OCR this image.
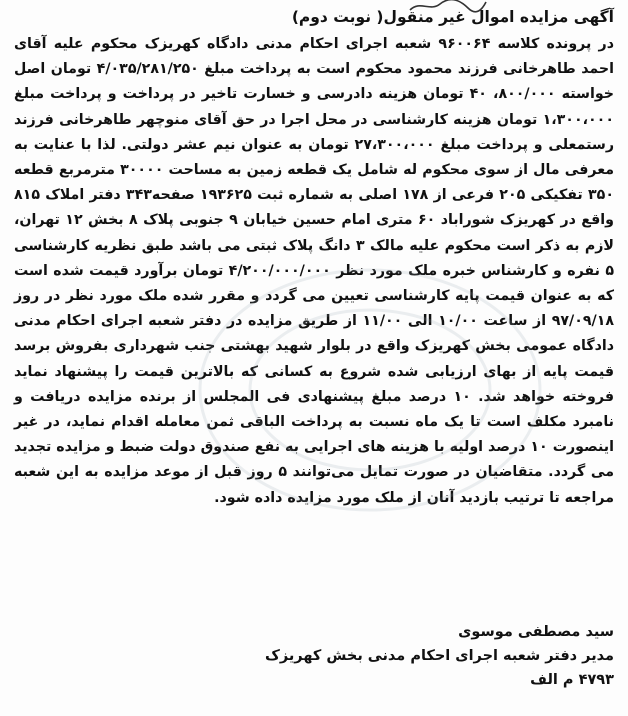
آگهی مزایده اموال غیر منقول( نوبت دوم)

در پرونده کلاسه ۹۶۰۰۶۴ شعبه اجرای احکام مدنی دادگاه کهریزک محکوم علیه آقای احمد طاهرخانی فرزند محمود محکوم است به پرداخت مبلغ ۴/۰۳۵/۲۸۱/۲۵۰ تومان اصل خواسته ۸۰۰/۰۰۰، ۴۰ تومان هزینه دادرسی و خسارت تاخیر در پرداخت و پرداخت مبلغ ۱،۳۰۰،۰۰۰ تومان هزینه کارشناسی در محل اجرا در حق آقای منوچهر طاهرخانی فرزند رستمعلی و پرداخت مبلغ ۲۷،۳۰۰،۰۰۰ تومان به عنوان نیم عشر دولتی. لذا با عنایت به معرفی مال از سوی محکوم له شامل یک قطعه زمین به مساحت ۳۰۰۰۰ مترمربع قطعه ۳۵۰ تفکیکی ۲۰۵ فرعی از ۱۷۸ اصلی به شماره ثبت ۱۹۳۶۲۵ صفحه۳۴۳ دفتر املاک ۸۱۵ واقع در کهریزک شوراباد ۶۰ متری امام حسین خیابان ۹ جنوبی پلاک ۸ بخش ۱۲ تهران، لازم به ذکر است محکوم علیه مالک ۳ دانگ پلاک ثبتی می باشد طبق نظریه کارشناسی ۵ نفره و کارشناس خبره ملک مورد نظر ۴/۲۰۰/۰۰۰/۰۰۰ تومان برآورد قیمت شده است که به عنوان قیمت پایه کارشناسی تعیین می گردد و مقرر شده ملک مورد نظر در روز ۹۷/۰۹/۱۸ از ساعت ۱۰/۰۰ الی ۱۱/۰۰ از طریق مزایده در دفتر شعبه اجرای احکام مدنی دادگاه عمومی بخش کهریزک واقع در بلوار شهید بهشتی جنب شهرداری بفروش برسد قیمت پایه از بهای ارزیابی شده شروع به کسانی که بالاترین قیمت را پیشنهاد نماید فروخته خواهد شد. ۱۰ درصد مبلغ پیشنهادی فی المجلس از برنده مزایده دریافت و نامبرد مکلف است تا یک ماه نسبت به پرداخت الباقی ثمن معامله اقدام نماید، در غیر اینصورت ۱۰ درصد اولیه با هزینه های اجرایی به نفع صندوق دولت ضبط و مزایده تجدید می گردد. متقاضیان در صورت تمایل می‌توانند ۵ روز قبل از موعد مزایده به این شعبه مراجعه تا ترتیب بازدید آنان از ملک مورد مزایده داده شود.

سید مصطفی موسوی
مدیر دفتر شعبه اجرای احکام مدنی بخش کهریزک
۴۷۹۳ م الف
